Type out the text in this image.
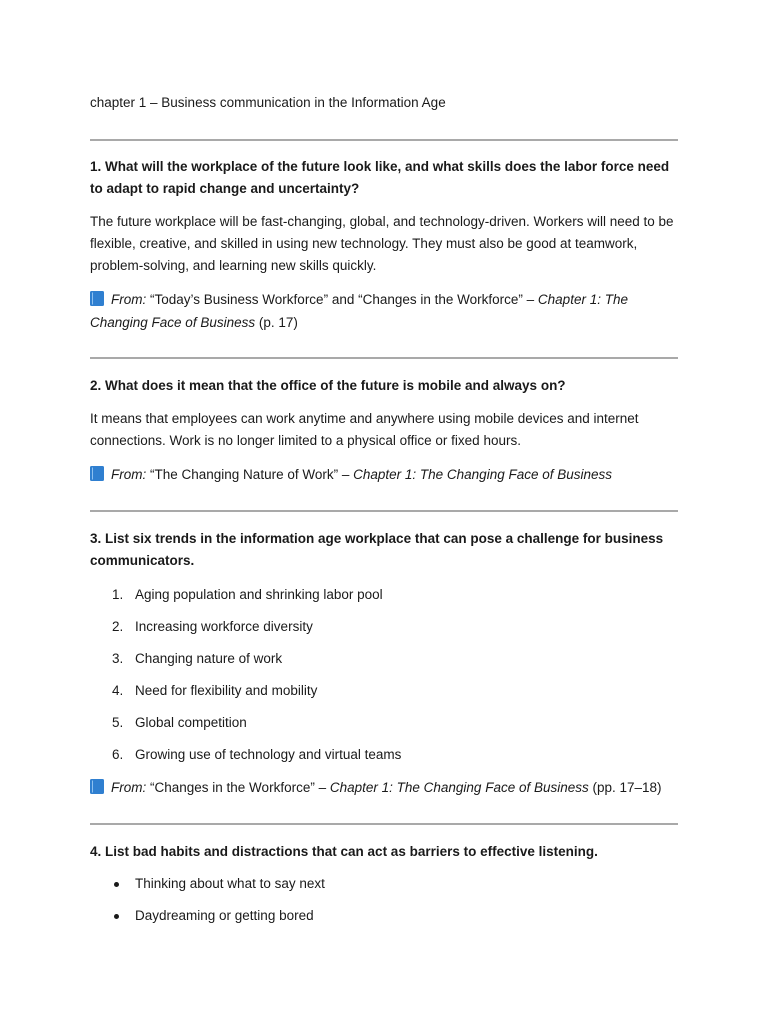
chapter 1 – Business communication in the Information Age

1. What will the workplace of the future look like, and what skills does the labor force need to adapt to rapid change and uncertainty?

The future workplace will be fast-changing, global, and technology-driven. Workers will need to be flexible, creative, and skilled in using new technology. They must also be good at teamwork, problem-solving, and learning new skills quickly.

From: “Today’s Business Workforce” and “Changes in the Workforce” – Chapter 1: The Changing Face of Business (p. 17)

2. What does it mean that the office of the future is mobile and always on?

It means that employees can work anytime and anywhere using mobile devices and internet connections. Work is no longer limited to a physical office or fixed hours.

From: “The Changing Nature of Work” – Chapter 1: The Changing Face of Business

3. List six trends in the information age workplace that can pose a challenge for business communicators.

1. Aging population and shrinking labor pool
2. Increasing workforce diversity
3. Changing nature of work
4. Need for flexibility and mobility
5. Global competition
6. Growing use of technology and virtual teams

From: “Changes in the Workforce” – Chapter 1: The Changing Face of Business (pp. 17–18)

4. List bad habits and distractions that can act as barriers to effective listening.

Thinking about what to say next
Daydreaming or getting bored
